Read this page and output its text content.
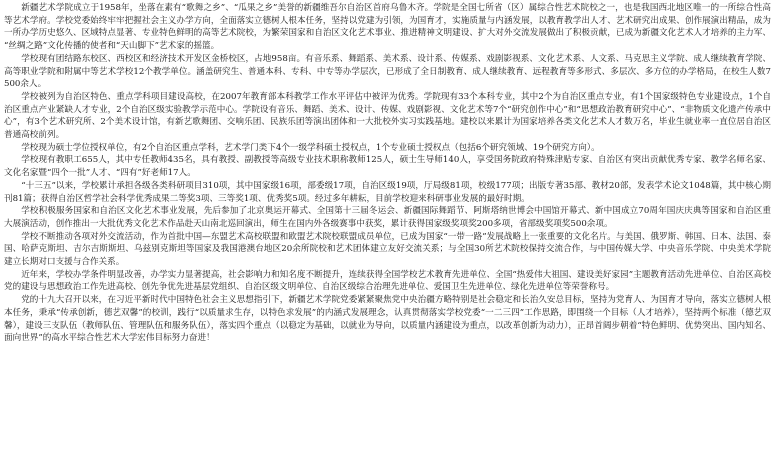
新疆艺术学院成立于1958年，坐落在素有“歌舞之乡”、“瓜果之乡”美誉的新疆维吾尔自治区首府乌鲁木齐。学院是全国七所省（区）属综合性艺术院校之一，也是我国西北地区唯一的一所综合性高等艺术学府。学校党委始终牢牢把握社会主义办学方向，全面落实立德树人根本任务，坚持以党建为引领，为国育才，实施质量与内涵发展，以教育教学出人才、艺术研究出成果、创作展演出精品，成为一所办学历史悠久、区域特点显著、专业特色鲜明的高等艺术院校，为繁荣国家和自治区文化艺术事业、推进精神文明建设、扩大对外交流发展做出了积极贡献，已成为新疆文化艺术人才培养的主力军、“丝绸之路”文化传播的使者和“天山脚下”艺术家的摇篮。

学校现有团结路东校区、西校区和经济技术开发区金桥校区，占地958亩。有音乐系、舞蹈系、美术系、设计系、传媒系、戏剧影视系、文化艺术系、人文系、马克思主义学院、成人继续教育学院、高等职业学院和附属中等艺术学校12个教学单位。涵盖研究生、普通本科、专科、中专等办学层次，已形成了全日制教育、成人继续教育、远程教育等多形式、多层次、多方位的办学格局，在校生人数7500余人。

学校被列为自治区特色、重点学科项目建设高校，在2007年教育部本科教学工作水平评估中被评为优秀。学院现有33个本科专业，其中2个为自治区重点专业，有1个国家级特色专业建设点，1个自治区重点产业紧缺人才专业，2个自治区级实验教学示范中心。学院设有音乐、舞蹈、美术、设计、传媒、戏剧影视、文化艺术等7个“研究创作中心”和“思想政治教育研究中心”、“非物质文化遗产传承中心”，有3个艺术研究所、2个美术设计馆，有新艺歌舞团、交响乐团、民族乐团等演出团体和一大批校外实习实践基地。建校以来累计为国家培养各类文化艺术人才数万名，毕业生就业率一直位居自治区普通高校前列。

学校现为硕士学位授权单位，有2个自治区重点学科，艺术学门类下4个一级学科硕士授权点，1个专业硕士授权点（包括6个研究领域、19个研究方向）。

学校现有教职工655人，其中专任教师435名，具有教授、副教授等高级专业技术职称教师125人，硕士生导师140人，享受国务院政府特殊津贴专家、自治区有突出贡献优秀专家、教学名师名家、文化名家暨“四个一批”人才、“四有”好老师17人。

“十三五”以来，学校累计承担各级各类科研项目310项，其中国家级16项，部委级17项，自治区级19项，厅局级81项，校级177项；出版专著35部、教材20部，发表学术论文1048篇，其中核心期刊81篇；获得自治区哲学社会科学优秀成果二等奖3项、三等奖1项、优秀奖5项。经过多年耕耘，目前学校迎来科研事业发展的最好时期。

学校积极服务国家和自治区文化艺术事业发展，先后参加了北京奥运开幕式、全国第十三届冬运会、新疆国际舞蹈节、阿斯塔纳世博会中国馆开幕式、新中国成立70周年国庆庆典等国家和自治区重大展演活动，创作推出一大批优秀文化艺术作品赴天山南北巡回演出，师生在国内外各级赛事中获奖，累计获得国家级奖项奖200多项，省部级奖项奖500余项。

学校不断推动各项对外交流活动，作为首批中国—东盟艺术高校联盟和欧盟艺术院校联盟成员单位，已成为国家“一带一路”发展战略上一张重要的文化名片。与美国、俄罗斯、韩国、日本、法国、泰国、哈萨克斯坦、吉尔吉斯斯坦、乌兹别克斯坦等国家及我国港澳台地区20余所院校和艺术团体建立友好交流关系；与全国30所艺术院校保持交流合作，与中国传媒大学、中央音乐学院、中央美术学院建立长期对口支援与合作关系。

近年来，学校办学条件明显改善，办学实力显著提高，社会影响力和知名度不断提升，连续获得全国学校艺术教育先进单位、全国“热爱伟大祖国、建设美好家园”主题教育活动先进单位、自治区高校党的建设与思想政治工作先进高校、创先争优先进基层党组织、自治区级文明单位、自治区级综合治理先进单位、爱国卫生先进单位、绿化先进单位等荣誉称号。

党的十九大召开以来，在习近平新时代中国特色社会主义思想指引下，新疆艺术学院党委紧紧聚焦党中央治疆方略特别是社会稳定和长治久安总目标，坚持为党育人、为国育才导向，落实立德树人根本任务，秉承“传承创新，德艺双馨”的校训，践行“以质量求生存，以特色求发展”的内涵式发展理念，认真贯彻落实学校党委“一二三四”工作思路，即围绕一个目标（人才培养），坚持两个标准（德艺双馨），建设三支队伍（教师队伍、管理队伍和服务队伍），落实四个重点（以稳定为基础，以就业为导向，以质量内涵建设为重点，以改革创新为动力），正昂首阔步朝着“特色鲜明、优势突出、国内知名、面向世界”的高水平综合性艺术大学宏伟目标努力奋进！
